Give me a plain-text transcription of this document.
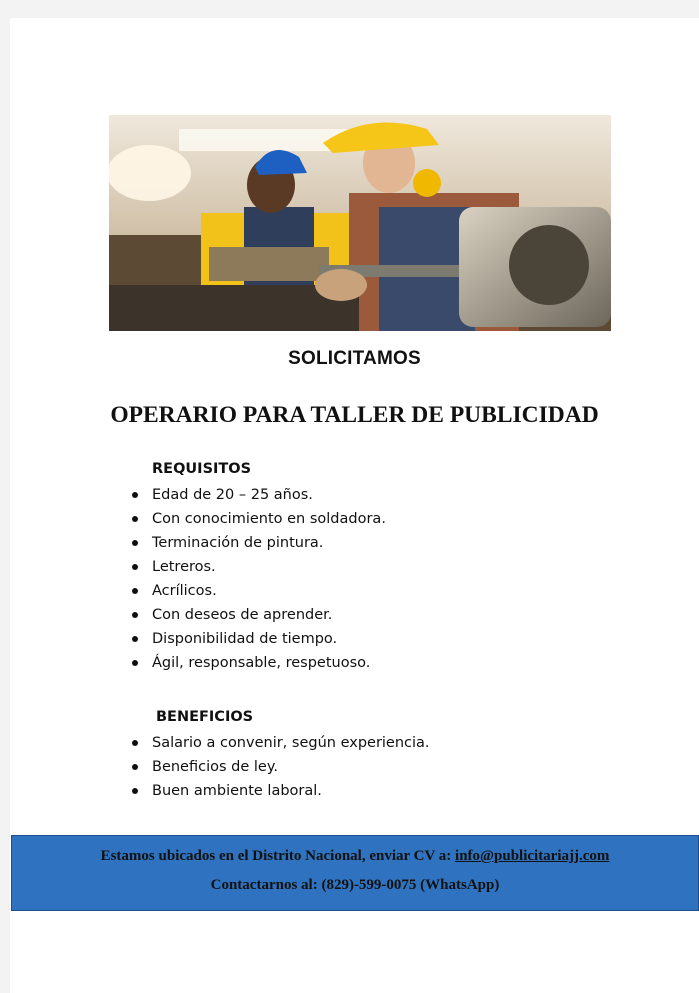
SOLICITAMOS
OPERARIO PARA TALLER DE PUBLICIDAD
REQUISITOS
Edad de 20 – 25 años.
Con conocimiento en soldadora.
Terminación de pintura.
Letreros.
Acrílicos.
Con deseos de aprender.
Disponibilidad de tiempo.
Ágil, responsable, respetuoso.
BENEFICIOS
Salario a convenir, según experiencia.
Beneficios de ley.
Buen ambiente laboral.
Estamos ubicados en el Distrito Nacional, enviar CV a: info@publicitariajj.com
Contactarnos al: (829)-599-0075 (WhatsApp)
